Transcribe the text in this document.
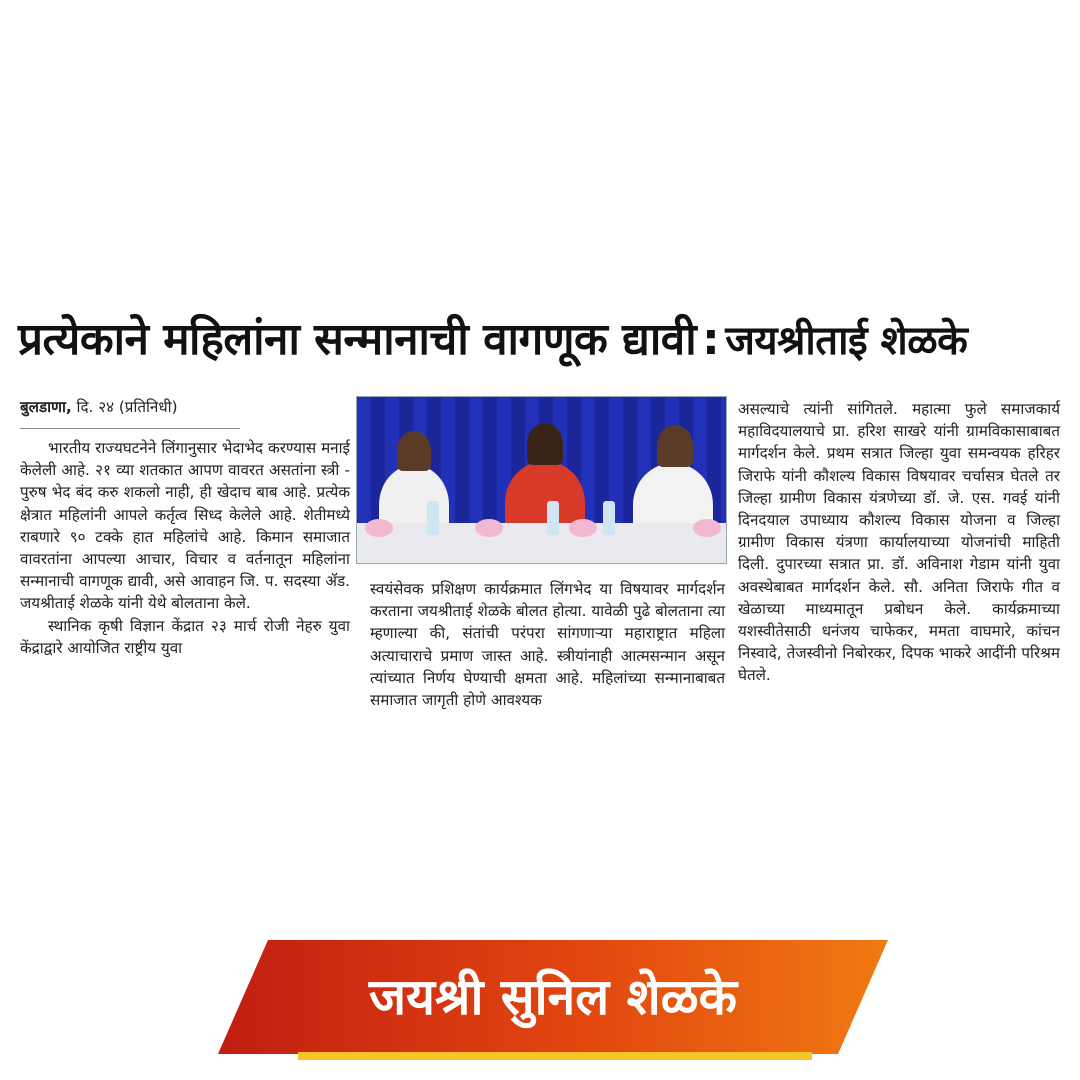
प्रत्येकाने महिलांना सन्मानाची वागणूक द्यावी : जयश्रीताई शेळके
बुलडाणा, दि. २४ (प्रतिनिधी)

भारतीय राज्यघटनेने लिंगानुसार भेदाभेद करण्यास मनाई केलेली आहे. २१ व्या शतकात आपण वावरत असतांना स्त्री - पुरुष भेद बंद करु शकलो नाही, ही खेदाच बाब आहे. प्रत्येक क्षेत्रात महिलांनी आपले कर्तृत्व सिध्द केलेले आहे. शेतीमध्ये राबणारे ९० टक्के हात महिलांचे आहे. किमान समाजात वावरतांना आपल्या आचार, विचार व वर्तनातून महिलांना सन्मानाची वागणूक द्यावी, असे आवाहन जि. प. सदस्या ॲड. जयश्रीताई शेळके यांनी येथे बोलताना केले.

स्थानिक कृषी विज्ञान केंद्रात २३ मार्च रोजी नेहरु युवा केंद्राद्वारे आयोजित राष्ट्रीय युवा

स्वयंसेवक प्रशिक्षण कार्यक्रमात लिंगभेद या विषयावर मार्गदर्शन करताना जयश्रीताई शेळके बोलत होत्या. यावेळी पुढे बोलताना त्या म्हणाल्या की, संतांची परंपरा सांगणाऱ्या महाराष्ट्रात महिला अत्याचाराचे प्रमाण जास्त आहे. स्त्रीयांनाही आत्मसन्मान असून त्यांच्यात निर्णय घेण्याची क्षमता आहे. महिलांच्या सन्मानाबाबत समाजात जागृती होणे आवश्यक

असल्याचे त्यांनी सांगितले. महात्मा फुले समाजकार्य महाविदयालयाचे प्रा. हरिश साखरे यांनी ग्रामविकासाबाबत मार्गदर्शन केले. प्रथम सत्रात जिल्हा युवा समन्वयक हरिहर जिराफे यांनी कौशल्य विकास विषयावर चर्चासत्र घेतले तर जिल्हा ग्रामीण विकास यंत्रणेच्या डॉ. जे. एस. गवई यांनी दिनदयाल उपाध्याय कौशल्य विकास योजना व जिल्हा ग्रामीण विकास यंत्रणा कार्यालयाच्या योजनांची माहिती दिली. दुपारच्या सत्रात प्रा. डॉ. अविनाश गेडाम यांनी युवा अवस्थेबाबत मार्गदर्शन केले. सौ. अनिता जिराफे गीत व खेळाच्या माध्यमातून प्रबोधन केले. कार्यक्रमाच्या यशस्वीतेसाठी धनंजय चाफेकर, ममता वाघमारे, कांचन निस्वादे, तेजस्वीनो निबोरकर, दिपक भाकरे आदींनी परिश्रम घेतले.

जयश्री सुनिल शेळके
